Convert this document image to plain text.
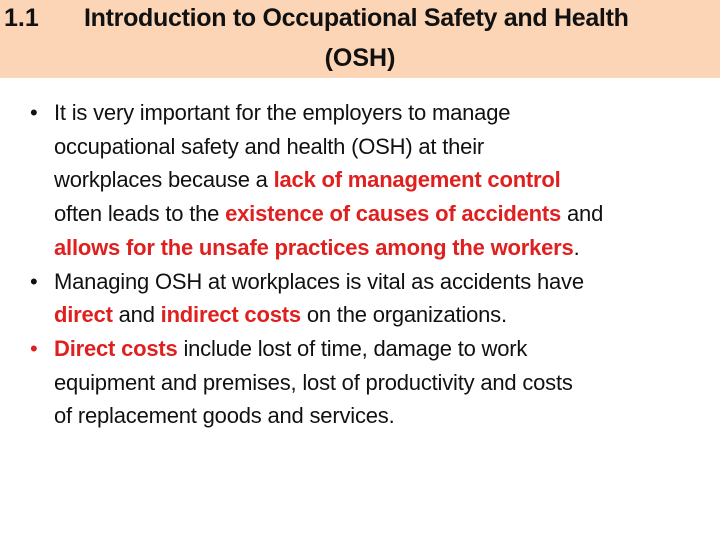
1.1 Introduction to Occupational Safety and Health
(OSH)
• It is very important for the employers to manage
occupational safety and health (OSH) at their
workplaces because a lack of management control
often leads to the existence of causes of accidents and
allows for the unsafe practices among the workers.
• Managing OSH at workplaces is vital as accidents have
direct and indirect costs on the organizations.
• Direct costs include lost of time, damage to work
equipment and premises, lost of productivity and costs
of replacement goods and services.
